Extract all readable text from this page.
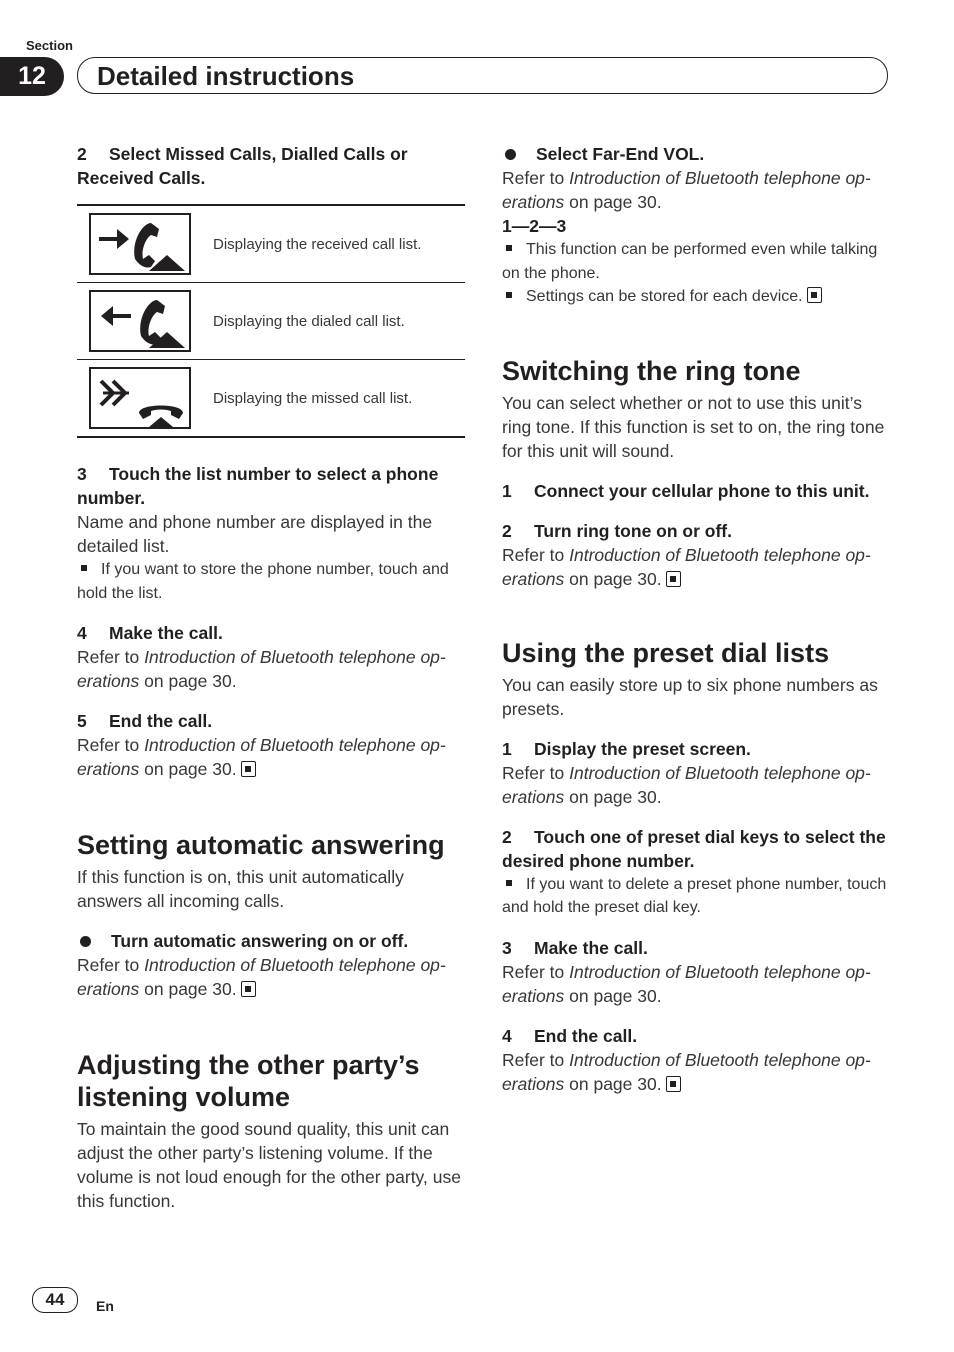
Section
12	Detailed instructions
2 Select Missed Calls, Dialled Calls or Received Calls.
Displaying the received call list.
Displaying the dialed call list.
Displaying the missed call list.
3 Touch the list number to select a phone number.
Name and phone number are displayed in the detailed list.
If you want to store the phone number, touch and hold the list.
4 Make the call.
Refer to Introduction of Bluetooth telephone op-
erations on page 30.
5 End the call.
Refer to Introduction of Bluetooth telephone op-
erations on page 30.
Setting automatic answering
If this function is on, this unit automatically answers all incoming calls.
Turn automatic answering on or off.
Refer to Introduction of Bluetooth telephone op-
erations on page 30.
Adjusting the other party’s
listening volume
To maintain the good sound quality, this unit can adjust the other party’s listening volume. If the volume is not loud enough for the other party, use this function.
Select Far-End VOL.
Refer to Introduction of Bluetooth telephone op-
erations on page 30.
1—2—3
This function can be performed even while talking on the phone.
Settings can be stored for each device.
Switching the ring tone
You can select whether or not to use this unit’s ring tone. If this function is set to on, the ring tone for this unit will sound.
1 Connect your cellular phone to this unit.
2 Turn ring tone on or off.
Refer to Introduction of Bluetooth telephone op-
erations on page 30.
Using the preset dial lists
You can easily store up to six phone numbers as presets.
1 Display the preset screen.
Refer to Introduction of Bluetooth telephone op-
erations on page 30.
2 Touch one of preset dial keys to select the desired phone number.
If you want to delete a preset phone number, touch and hold the preset dial key.
3 Make the call.
Refer to Introduction of Bluetooth telephone op-
erations on page 30.
4 End the call.
Refer to Introduction of Bluetooth telephone op-
erations on page 30.
44	En
